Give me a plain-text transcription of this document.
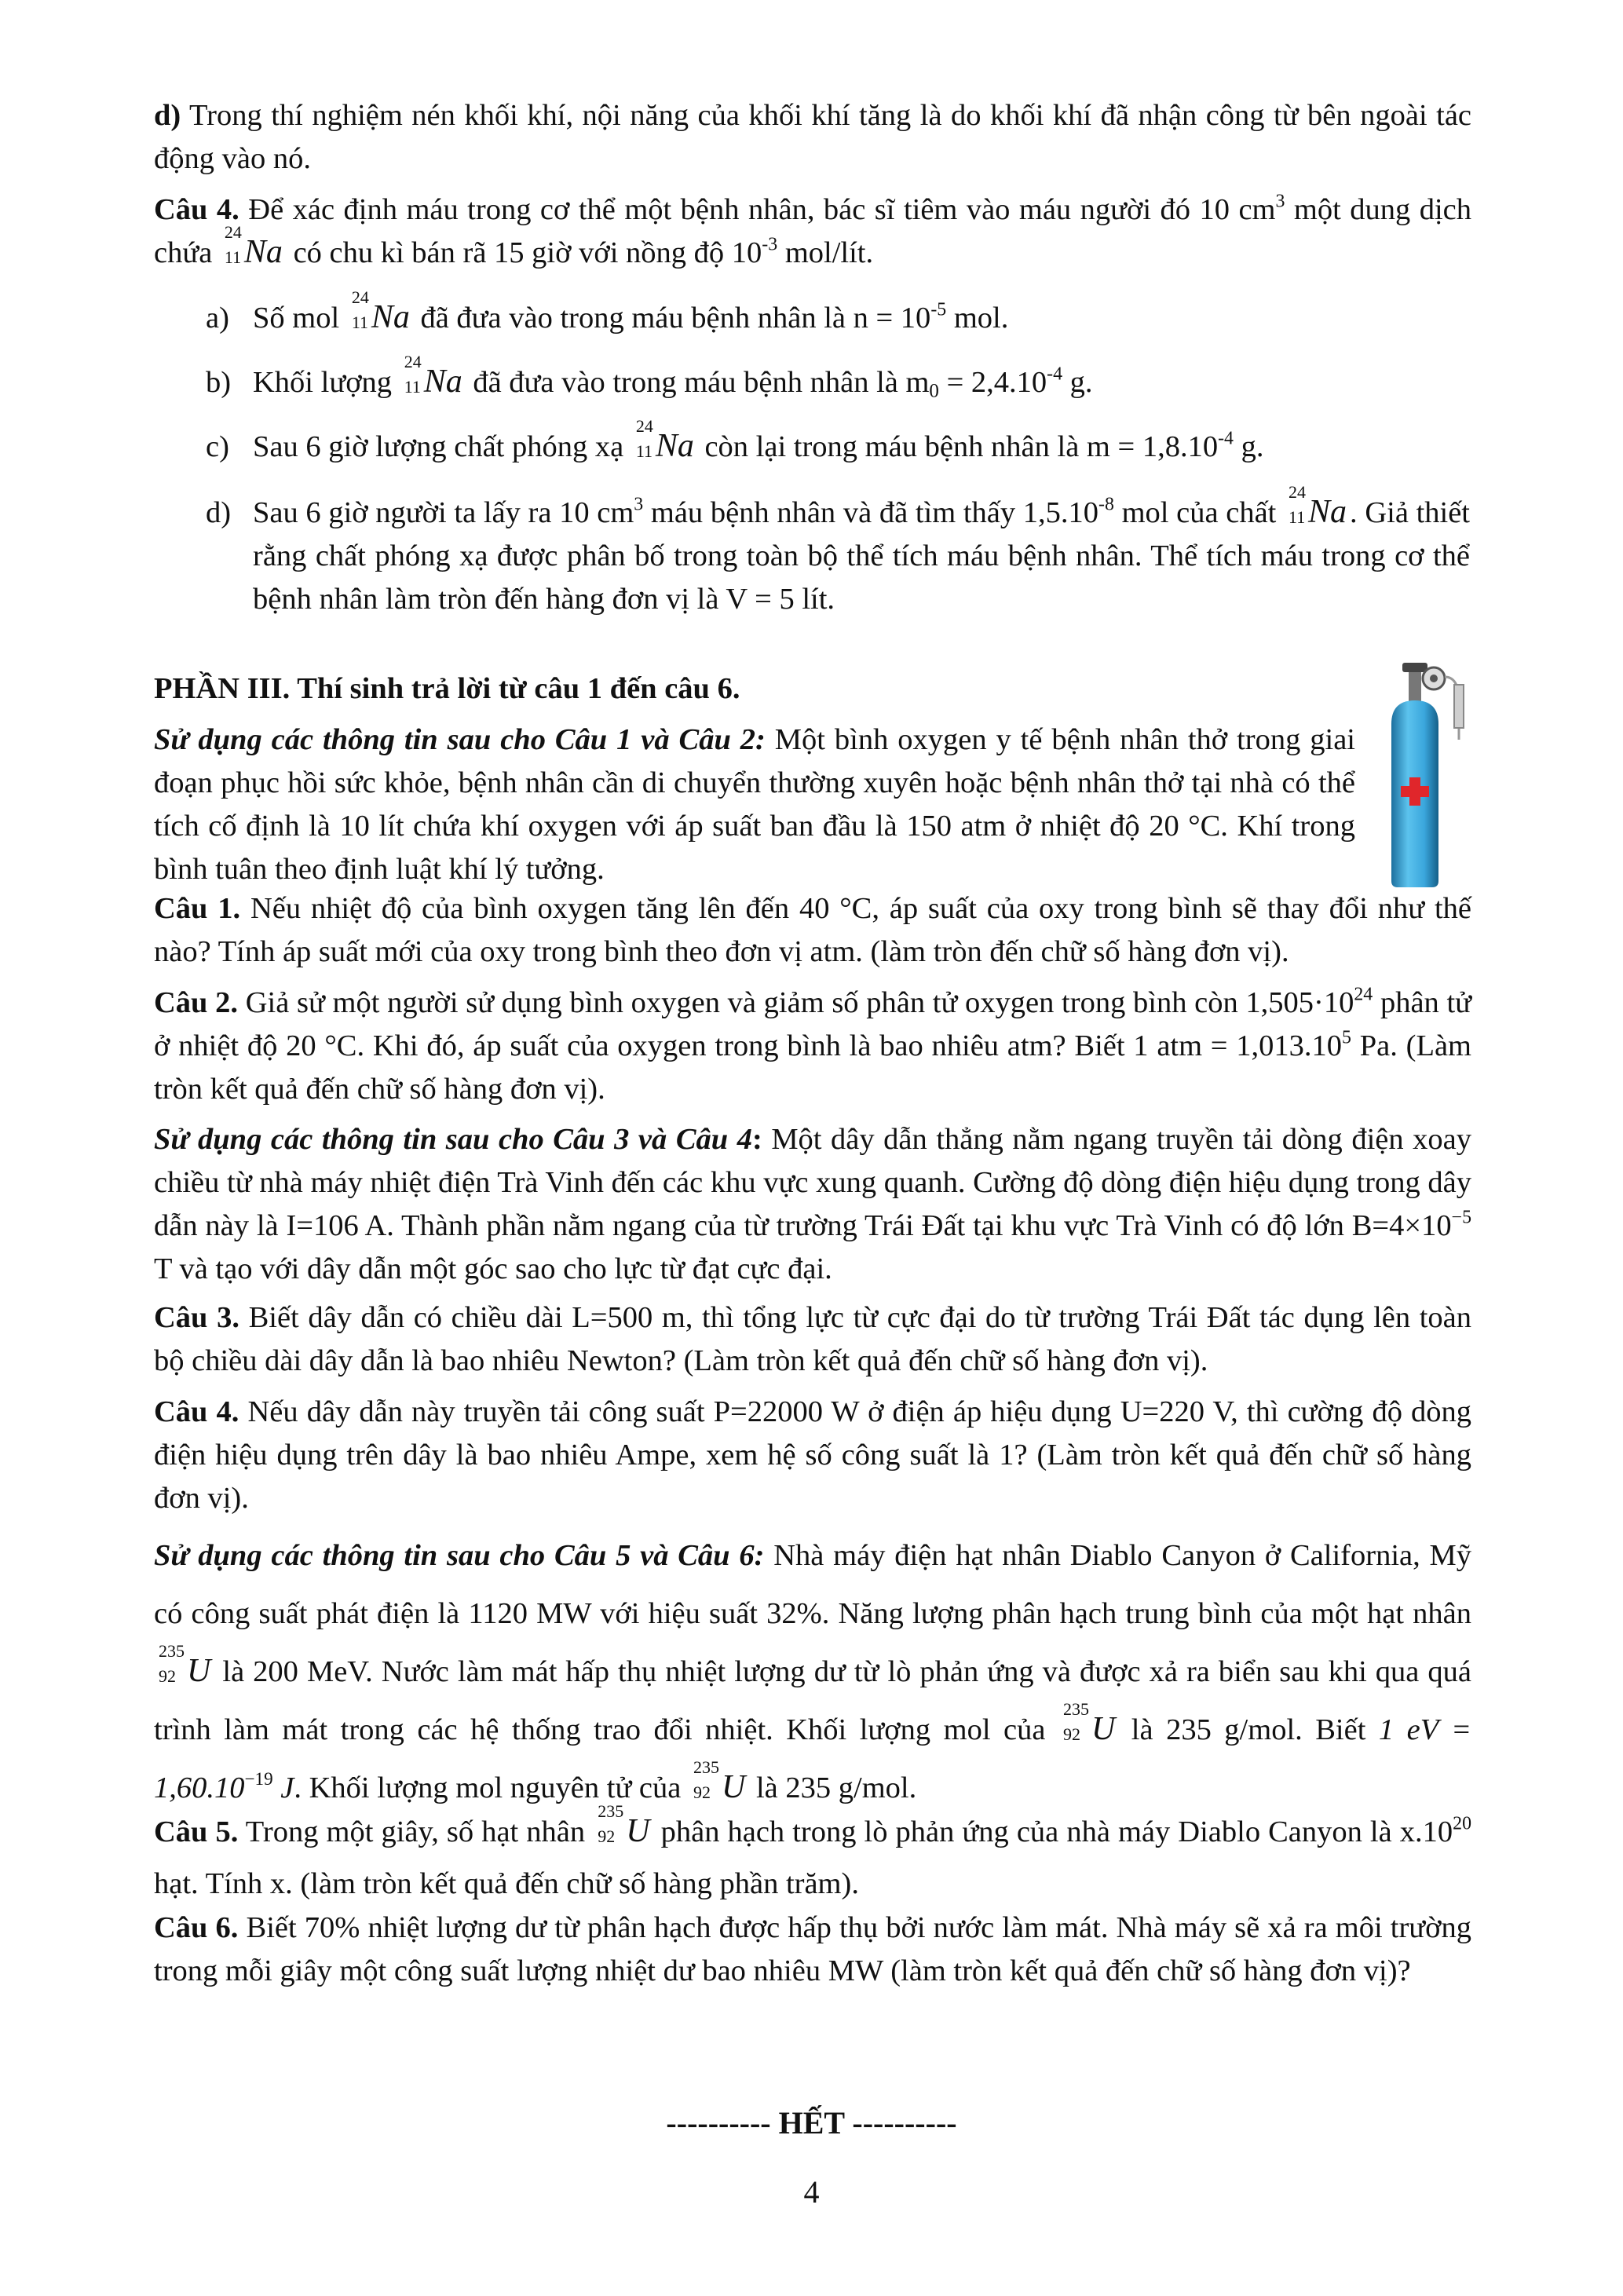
d) Trong thí nghiệm nén khối khí, nội năng của khối khí tăng là do khối khí đã nhận công từ bên ngoài tác động vào nó.
Câu 4. Để xác định máu trong cơ thể một bệnh nhân, bác sĩ tiêm vào máu người đó 10 $cm^3$ một dung dịch chứa
24
11 Na có chu kì bán rã 15 giờ với nồng độ $10^{-3}$ mol/lít.
a) Số mol
24
11 Na đã đưa vào trong máu bệnh nhân là $n = 10^{-5}$ mol.
b) Khối lượng
24
11 Na đã đưa vào trong máu bệnh nhân là $m_0 = 2,4.10^{-4}$ g.
c) Sau 6 giờ lượng chất phóng xạ
24
11 Na còn lại trong máu bệnh nhân là $m = 1,8.10^{-4}$ g.
d) Sau 6 giờ người ta lấy ra 10 $cm^3$ máu bệnh nhân và đã tìm thấy $1,5.10^{-8}$ mol của chất
24
11 Na . Giả thiết rằng chất phóng xạ được phân bố trong toàn bộ thể tích máu bệnh nhân. Thể tích máu trong cơ thể bệnh nhân làm tròn đến hàng đơn vị là V = 5 lít.
PHẦN III. Thí sinh trả lời từ câu 1 đến câu 6.
Sử dụng các thông tin sau cho Câu 1 và Câu 2: Một bình oxygen y tế bệnh nhân thở trong giai đoạn phục hồi sức khỏe, bệnh nhân cần di chuyển thường xuyên hoặc bệnh nhân thở tại nhà có thể tích cố định là 10 lít chứa khí oxygen với áp suất ban đầu là 150 atm ở nhiệt độ 20 °C. Khí trong bình tuân theo định luật khí lý tưởng.
Câu 1. Nếu nhiệt độ của bình oxygen tăng lên đến 40 °C, áp suất của oxy trong bình sẽ thay đổi như thế nào? Tính áp suất mới của oxy trong bình theo đơn vị atm. (làm tròn đến chữ số hàng đơn vị).
Câu 2. Giả sử một người sử dụng bình oxygen và giảm số phân tử oxygen trong bình còn $1,505\cdot 10^{24}$ phân tử ở nhiệt độ 20 °C. Khi đó, áp suất của oxygen trong bình là bao nhiêu atm? Biết 1 atm = $1,013.10^5$ Pa. (Làm tròn kết quả đến chữ số hàng đơn vị).
Sử dụng các thông tin sau cho Câu 3 và Câu 4: Một dây dẫn thẳng nằm ngang truyền tải dòng điện xoay chiều từ nhà máy nhiệt điện Trà Vinh đến các khu vực xung quanh. Cường độ dòng điện hiệu dụng trong dây dẫn này là I=106 A. Thành phần nằm ngang của từ trường Trái Đất tại khu vực Trà Vinh có độ lớn $B=4\times 10^{-5}$ T và tạo với dây dẫn một góc sao cho lực từ đạt cực đại.
Câu 3. Biết dây dẫn có chiều dài L=500 m, thì tổng lực từ cực đại do từ trường Trái Đất tác dụng lên toàn bộ chiều dài dây dẫn là bao nhiêu Newton? (Làm tròn kết quả đến chữ số hàng đơn vị).
Câu 4. Nếu dây dẫn này truyền tải công suất P=22000 W ở điện áp hiệu dụng U=220 V, thì cường độ dòng điện hiệu dụng trên dây là bao nhiêu Ampe, xem hệ số công suất là 1? (Làm tròn kết quả đến chữ số hàng đơn vị).
Sử dụng các thông tin sau cho Câu 5 và Câu 6: Nhà máy điện hạt nhân Diablo Canyon ở California, Mỹ có công suất phát điện là 1120 MW với hiệu suất 32%. Năng lượng phân hạch trung bình của một hạt nhân
235
92 U là 200 MeV. Nước làm mát hấp thụ nhiệt lượng dư từ lò phản ứng và được xả ra biển sau khi qua quá trình làm mát trong các hệ thống trao đổi nhiệt. Khối lượng mol của
235
92 U là 235 g/mol. Biết 1 eV = $1,60.10^{-19}$ J. Khối lượng mol nguyên tử của
235
92 U là 235 g/mol.
Câu 5. Trong một giây, số hạt nhân
235
92 U phân hạch trong lò phản ứng của nhà máy Diablo Canyon là $x.10^{20}$ hạt. Tính x. (làm tròn kết quả đến chữ số hàng phần trăm).
Câu 6. Biết 70% nhiệt lượng dư từ phân hạch được hấp thụ bởi nước làm mát. Nhà máy sẽ xả ra môi trường trong mỗi giây một công suất lượng nhiệt dư bao nhiêu MW (làm tròn kết quả đến chữ số hàng đơn vị)?
---------- HẾT ----------
4
